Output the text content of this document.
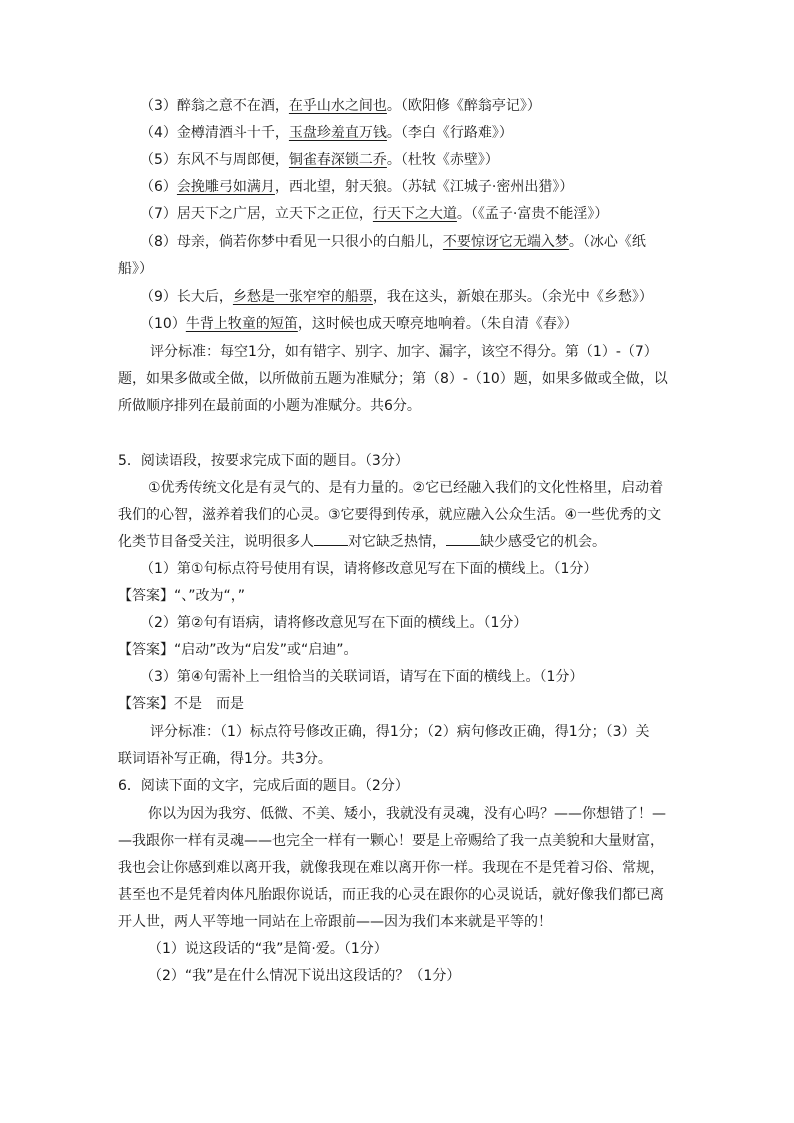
（3）醉翁之意不在酒，在乎山水之间也。（欧阳修《醉翁亭记》）
（4）金樽清酒斗十千，玉盘珍羞直万钱。（李白《行路难》）
（5）东风不与周郎便，铜雀春深锁二乔。（杜牧《赤壁》）
（6）会挽雕弓如满月，西北望，射天狼。（苏轼《江城子·密州出猎》）
（7）居天下之广居，立天下之正位，行天下之大道。（《孟子·富贵不能淫》）
（8）母亲，倘若你梦中看见一只很小的白船儿，不要惊讶它无端入梦。（冰心《纸
船》）
（9）长大后，乡愁是一张窄窄的船票，我在这头，新娘在那头。（余光中《乡愁》）
（10）牛背上牧童的短笛，这时候也成天嘹亮地响着。（朱自清《春》）
评分标准：每空1分，如有错字、别字、加字、漏字，该空不得分。第（1）-（7）
题，如果多做或全做，以所做前五题为准赋分；第（8）-（10）题，如果多做或全做，以
所做顺序排列在最前面的小题为准赋分。共6分。
5．阅读语段，按要求完成下面的题目。（3分）
①优秀传统文化是有灵气的、是有力量的。②它已经融入我们的文化性格里，启动着
我们的心智，滋养着我们的心灵。③它要得到传承，就应融入公众生活。④一些优秀的文
化类节目备受关注，说明很多人 对它缺乏热情， 缺少感受它的机会。
（1）第①句标点符号使用有误，请将修改意见写在下面的横线上。（1分）
【答案】“、”改为“，”
（2）第②句有语病，请将修改意见写在下面的横线上。（1分）
【答案】“启动”改为“启发”或“启迪”。
（3）第④句需补上一组恰当的关联词语，请写在下面的横线上。（1分）
【答案】不是　而是
评分标准：（1）标点符号修改正确，得1分；（2）病句修改正确，得1分；（3）关
联词语补写正确，得1分。共3分。
6．阅读下面的文字，完成后面的题目。（2分）
你以为因为我穷、低微、不美、矮小，我就没有灵魂，没有心吗？——你想错了！—
—我跟你一样有灵魂——也完全一样有一颗心！要是上帝赐给了我一点美貌和大量财富，
我也会让你感到难以离开我，就像我现在难以离开你一样。我现在不是凭着习俗、常规，
甚至也不是凭着肉体凡胎跟你说话，而正我的心灵在跟你的心灵说话，就好像我们都已离
开人世，两人平等地一同站在上帝跟前——因为我们本来就是平等的！
（1）说这段话的“我”是简·爱。（1分）
（2）“我”是在什么情况下说出这段话的？（1分）
